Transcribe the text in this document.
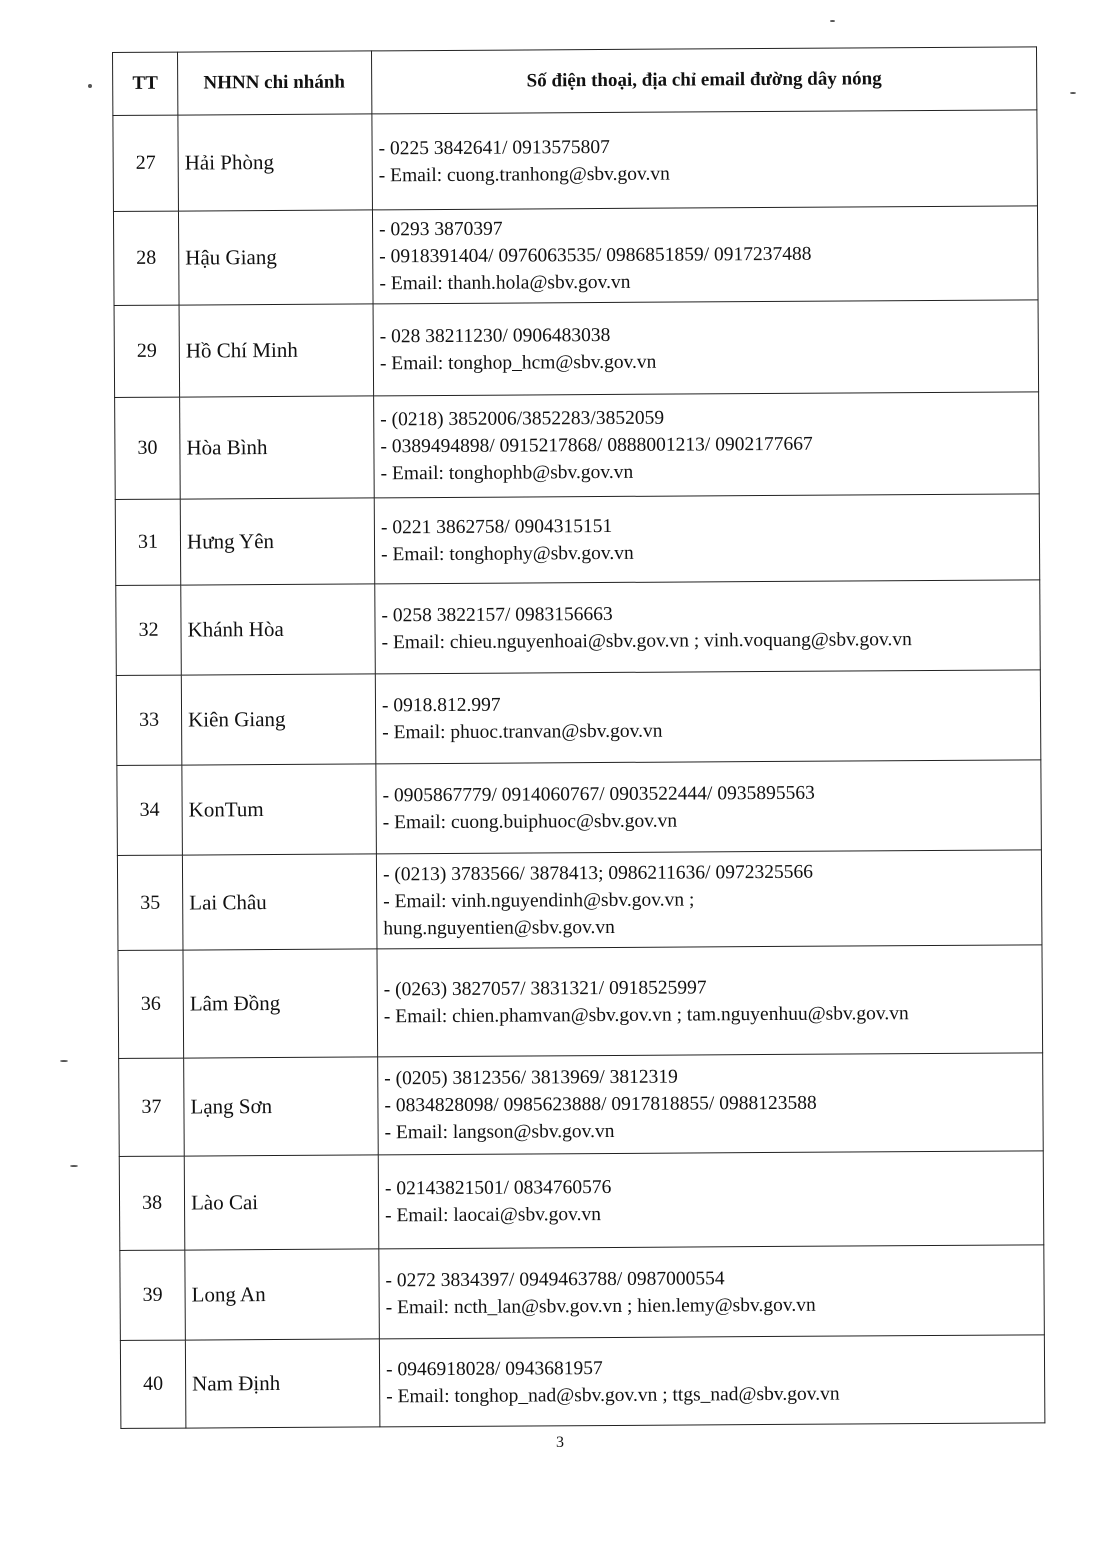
TT	NHNN chi nhánh	Số điện thoại, địa chỉ email đường dây nóng
27	Hải Phòng	- 0225 3842641/ 0913575807
- Email: cuong.tranhong@sbv.gov.vn

28	Hậu Giang	- 0293 3870397
- 0918391404/ 0976063535/ 0986851859/ 0917237488
- Email: thanh.hola@sbv.gov.vn

29	Hồ Chí Minh	- 028 38211230/ 0906483038
- Email: tonghop_hcm@sbv.gov.vn

30	Hòa Bình	- (0218) 3852006/3852283/3852059
- 0389494898/ 0915217868/ 0888001213/ 0902177667
- Email: tonghophb@sbv.gov.vn

31	Hưng Yên	- 0221 3862758/ 0904315151
- Email: tonghophy@sbv.gov.vn

32	Khánh Hòa	- 0258 3822157/ 0983156663
- Email: chieu.nguyenhoai@sbv.gov.vn ; vinh.voquang@sbv.gov.vn

33	Kiên Giang	- 0918.812.997
- Email: phuoc.tranvan@sbv.gov.vn

34	KonTum	- 0905867779/ 0914060767/ 0903522444/ 0935895563
- Email: cuong.buiphuoc@sbv.gov.vn

35	Lai Châu	- (0213) 3783566/ 3878413; 0986211636/ 0972325566
- Email: vinh.nguyendinh@sbv.gov.vn ;
hung.nguyentien@sbv.gov.vn

36	Lâm Đồng	- (0263) 3827057/ 3831321/ 0918525997
- Email: chien.phamvan@sbv.gov.vn ; tam.nguyenhuu@sbv.gov.vn

37	Lạng Sơn	- (0205) 3812356/ 3813969/ 3812319
- 0834828098/ 0985623888/ 0917818855/ 0988123588
- Email: langson@sbv.gov.vn

38	Lào Cai	- 02143821501/ 0834760576
- Email: laocai@sbv.gov.vn

39	Long An	- 0272 3834397/ 0949463788/ 0987000554
- Email: ncth_lan@sbv.gov.vn ; hien.lemy@sbv.gov.vn

40	Nam Định	- 0946918028/ 0943681957
- Email: tonghop_nad@sbv.gov.vn ; ttgs_nad@sbv.gov.vn
3
